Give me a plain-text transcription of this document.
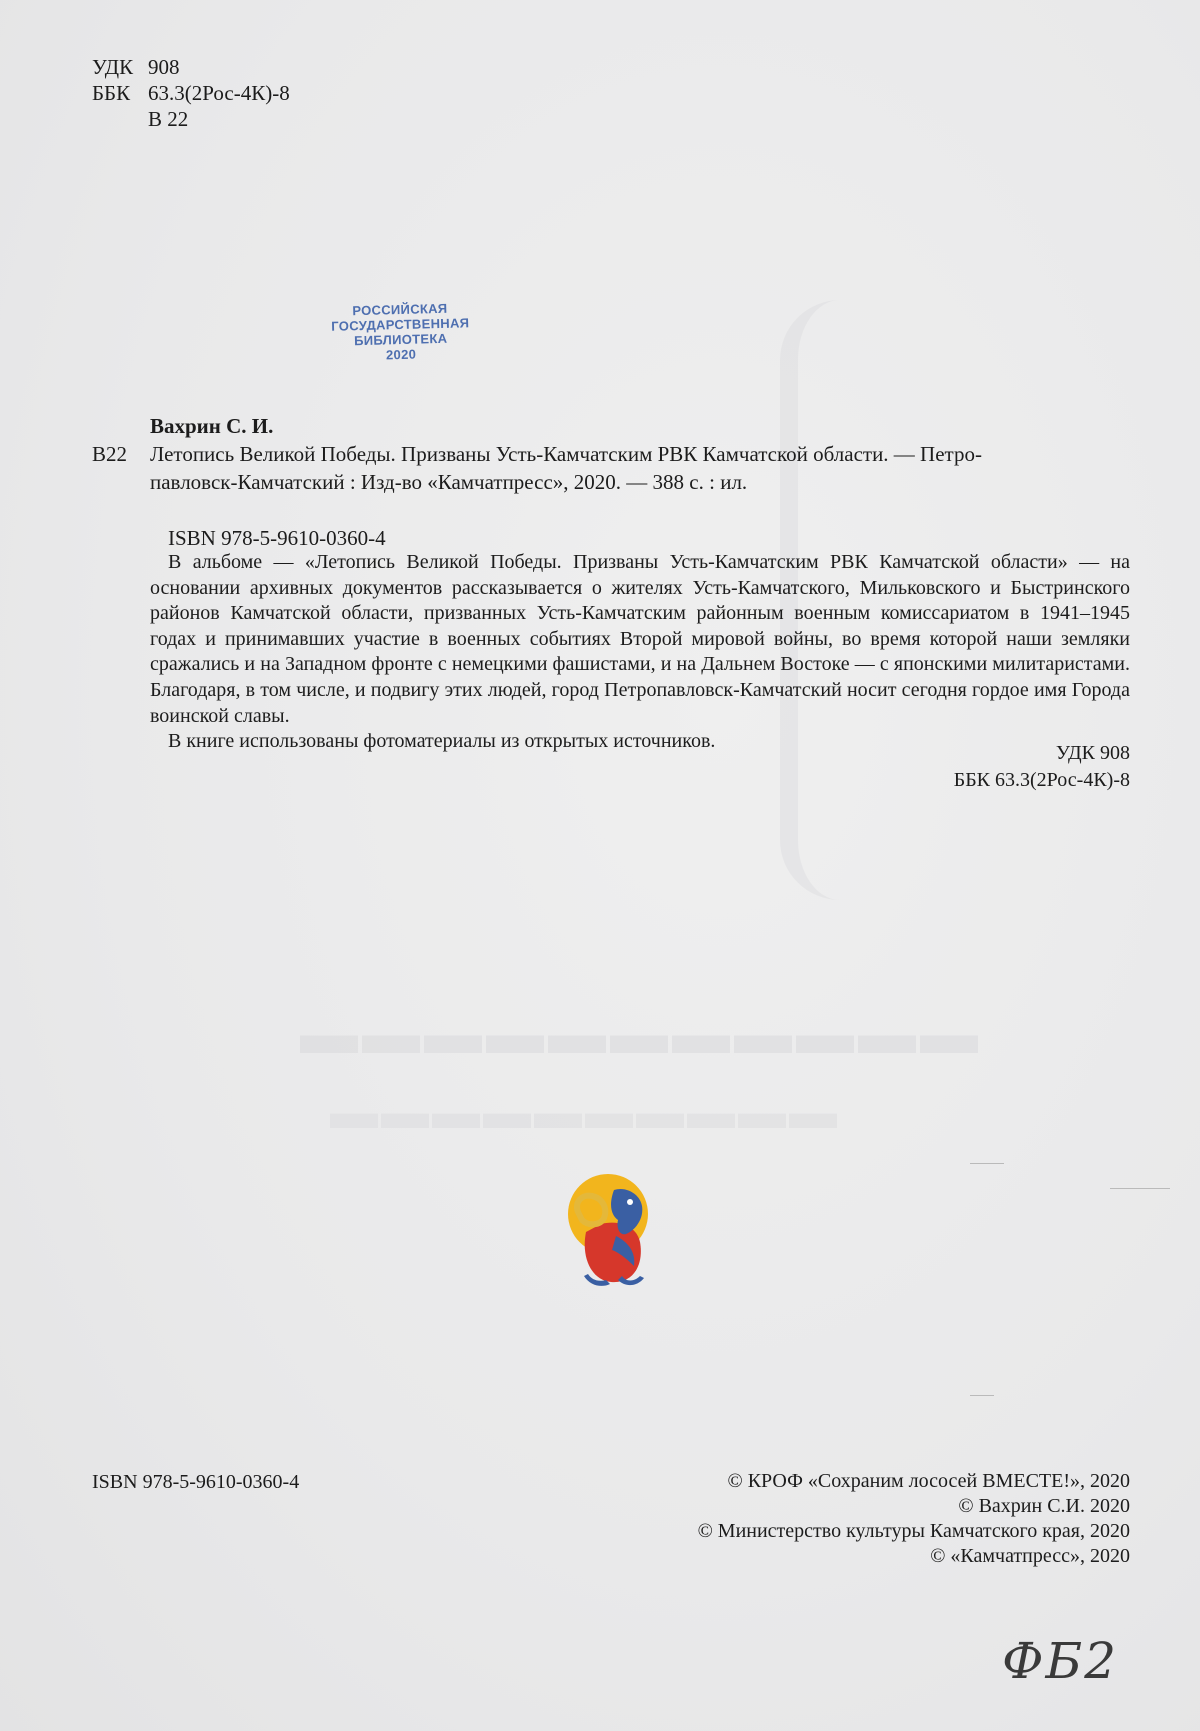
УДК 908
ББК 63.3(2Рос-4К)-8
В 22
РОССИЙСКАЯ
ГОСУДАРСТВЕННАЯ
БИБЛИОТЕКА
2020
Вахрин С. И.
В22 Летопись Великой Победы. Призваны Усть-Камчатским РВК Камчатской области. — Петро-
павловск-Камчатский : Изд-во «Камчатпресс», 2020. — 388 с. : ил.
ISBN 978-5-9610-0360-4

В альбоме — «Летопись Великой Победы. Призваны Усть-Камчатским РВК Камчатской области» — на основании архивных документов рассказывается о жителях Усть-Камчатского, Мильковского и Быстринского районов Камчатской области, призванных Усть-Камчатским районным военным комиссариатом в 1941–1945 годах и принимавших участие в военных событиях Второй мировой войны, во время которой наши земляки сражались и на Западном фронте с немецкими фашистами, и на Дальнем Востоке — с японскими милитаристами. Благодаря, в том числе, и подвигу этих людей, город Петропавловск-Камчатский носит сегодня гордое имя Города воинской славы.

В книге использованы фотоматериалы из открытых источников.

УДК 908
ББК 63.3(2Рос-4К)-8
▬▬▬▬▬▬▬▬▬▬▬
▬▬▬▬▬▬▬▬▬▬
ISBN 978-5-9610-0360-4	© КРОФ «Сохраним лососей ВМЕСТЕ!», 2020
© Вахрин С.И. 2020
© Министерство культуры Камчатского края, 2020
© «Камчатпресс», 2020
ФБ2
